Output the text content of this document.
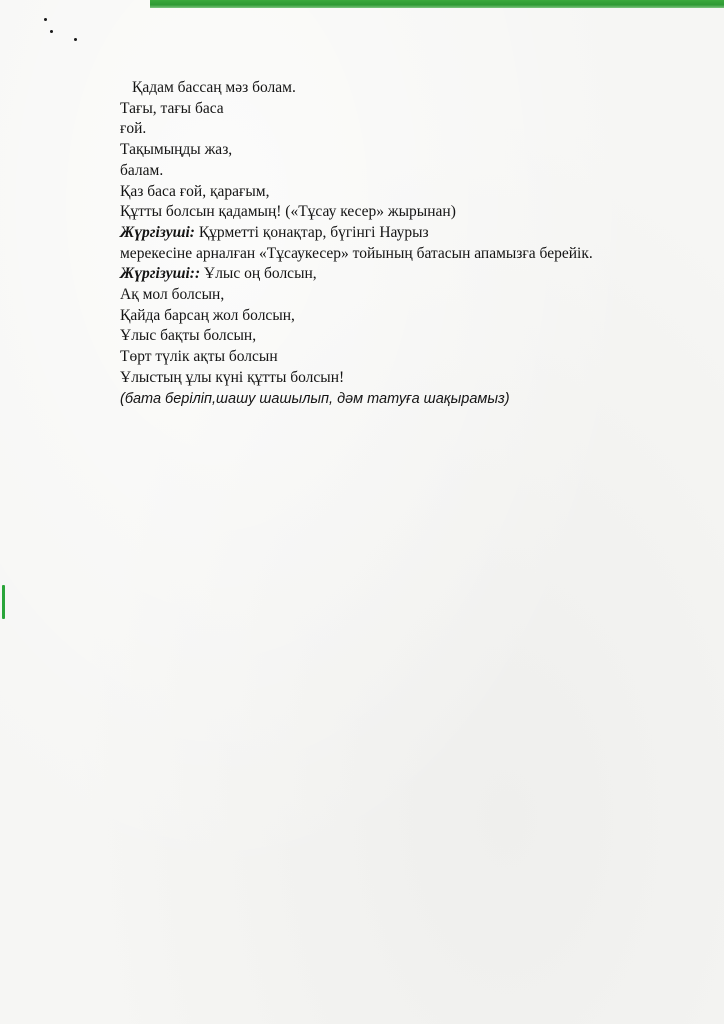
Қадам бассаң мәз болам.
Тағы, тағы баса
ғой.
Тақымыңды жаз,
балам.
Қаз баса ғой, қарағым,
Құтты болсын қадамың! («Тұсау кесер» жырынан)
Жүргізуші: Құрметті қонақтар, бүгінгі Наурыз
мерекесіне арналған «Тұсаукесер» тойының батасын апамызға берейік.
Жүргізуші:: Ұлыс оң болсын,
Ақ мол болсын,
Қайда барсаң жол болсын,
Ұлыс бақты болсын,
Төрт түлік ақты болсын
Ұлыстың ұлы күні құтты болсын!
(бата беріліп,шашу шашылып, дәм татуға шақырамыз)
